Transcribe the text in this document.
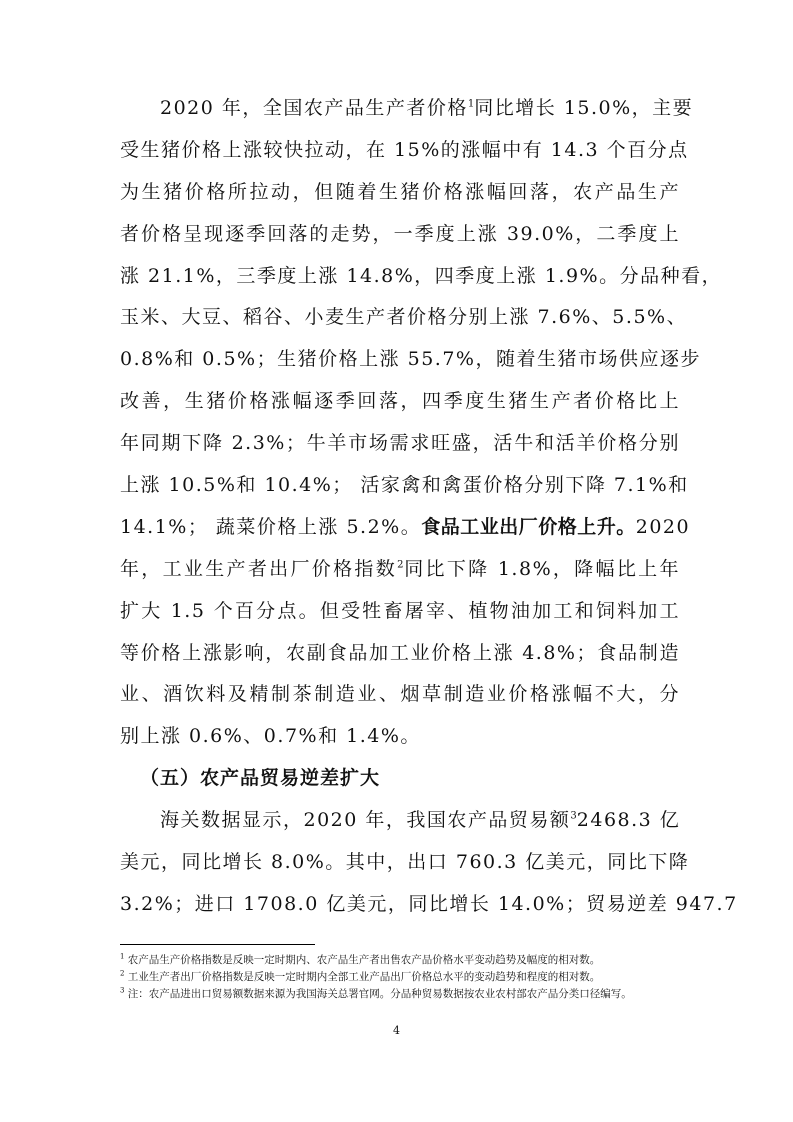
2020 年，全国农产品生产者价格$^1$同比增长 15.0%，主要
受生猪价格上涨较快拉动，在 15%的涨幅中有 14.3 个百分点
为生猪价格所拉动，但随着生猪价格涨幅回落，农产品生产
者价格呈现逐季回落的走势，一季度上涨 39.0%，二季度上
涨 21.1%，三季度上涨 14.8%，四季度上涨 1.9%。分品种看，
玉米、大豆、稻谷、小麦生产者价格分别上涨 7.6%、5.5%、
0.8%和 0.5%；生猪价格上涨 55.7%，随着生猪市场供应逐步
改善，生猪价格涨幅逐季回落，四季度生猪生产者价格比上
年同期下降 2.3%；牛羊市场需求旺盛，活牛和活羊价格分别
上涨 10.5%和 10.4%； 活家禽和禽蛋价格分别下降 7.1%和
14.1%； 蔬菜价格上涨 5.2%。食品工业出厂价格上升。2020
年，工业生产者出厂价格指数$^2$同比下降 1.8%，降幅比上年
扩大 1.5 个百分点。但受牲畜屠宰、植物油加工和饲料加工
等价格上涨影响，农副食品加工业价格上涨 4.8%；食品制造
业、酒饮料及精制茶制造业、烟草制造业价格涨幅不大，分
别上涨 0.6%、0.7%和 1.4%。
（五）农产品贸易逆差扩大
海关数据显示，2020 年，我国农产品贸易额$^3$2468.3 亿
美元，同比增长 8.0%。其中，出口 760.3 亿美元，同比下降
3.2%；进口 1708.0 亿美元，同比增长 14.0%；贸易逆差 947.7
$^1$ 农产品生产价格指数是反映一定时期内、农产品生产者出售农产品价格水平变动趋势及幅度的相对数。
$^2$ 工业生产者出厂价格指数是反映一定时期内全部工业产品出厂价格总水平的变动趋势和程度的相对数。
$^3$ 注：农产品进出口贸易额数据来源为我国海关总署官网。分品种贸易数据按农业农村部农产品分类口径编写。
4
